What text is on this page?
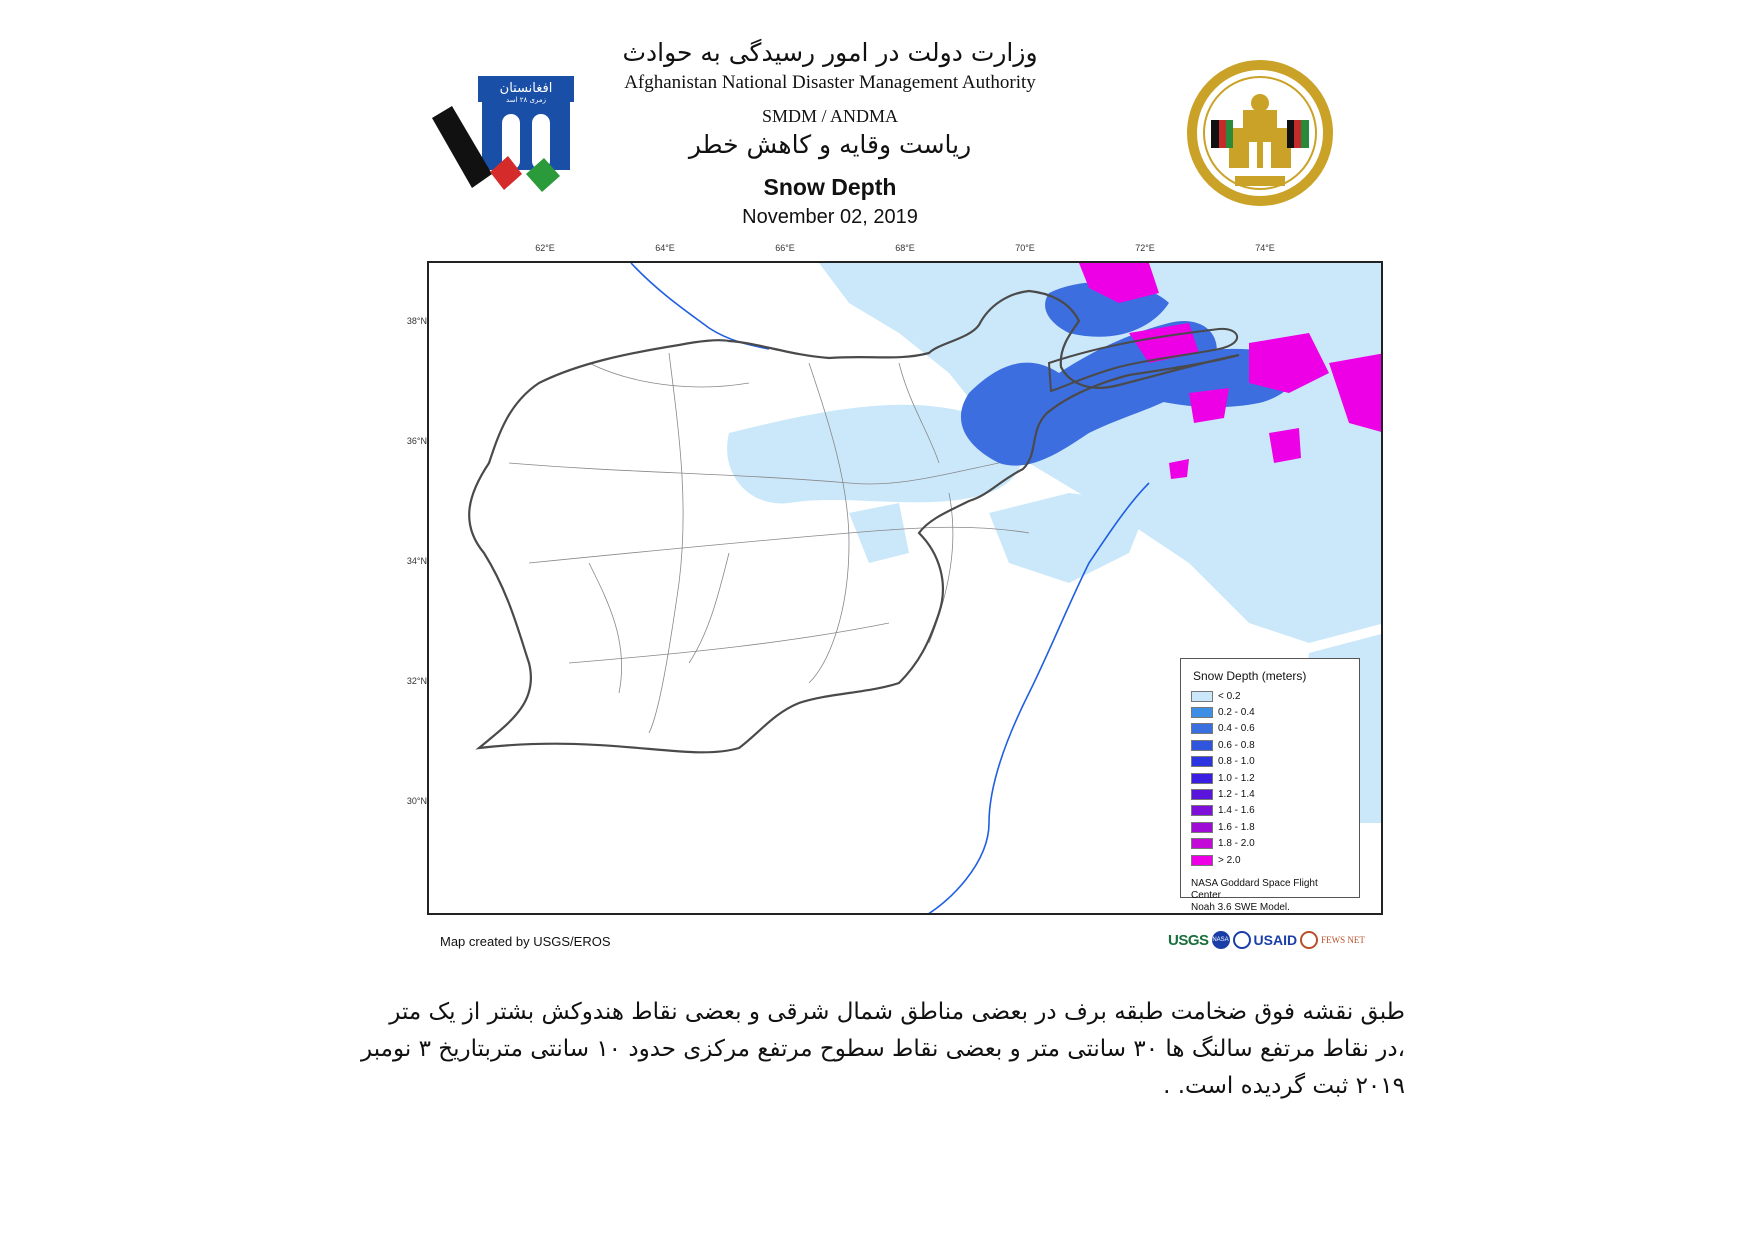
وزارت دولت در امور رسیدگی به حوادث
Afghanistan National Disaster Management Authority
SMDM / ANDMA
ریاست وقایه و کاهش خطر
Snow Depth
November 02, 2019
افغانستان
زمری ۲۸ اسد
62°E	64°E	66°E	68°E	70°E	72°E	74°E
38°N
36°N
34°N
32°N
30°N
Snow Depth (meters)
< 0.2
0.2 - 0.4
0.4 - 0.6
0.6 - 0.8
0.8 - 1.0
1.0 - 1.2
1.2 - 1.4
1.4 - 1.6
1.6 - 1.8
1.8 - 2.0
> 2.0
NASA Goddard Space Flight Center
Noah 3.6 SWE Model.
Map created by USGS/EROS	USGS NASA USAID	FEWS NET
طبق نقشه فوق ضخامت طبقه برف در بعضی مناطق شمال شرقی و بعضی نقاط هندوکش بشتر از یک متر ،در نقاط مرتفع سالنگ ها ۳۰ سانتی متر و بعضی نقاط سطوح مرتفع مرکزی حدود ۱۰ سانتی متربتاریخ ۳ نومبر ۲۰۱۹ ثبت گردیده است. .
